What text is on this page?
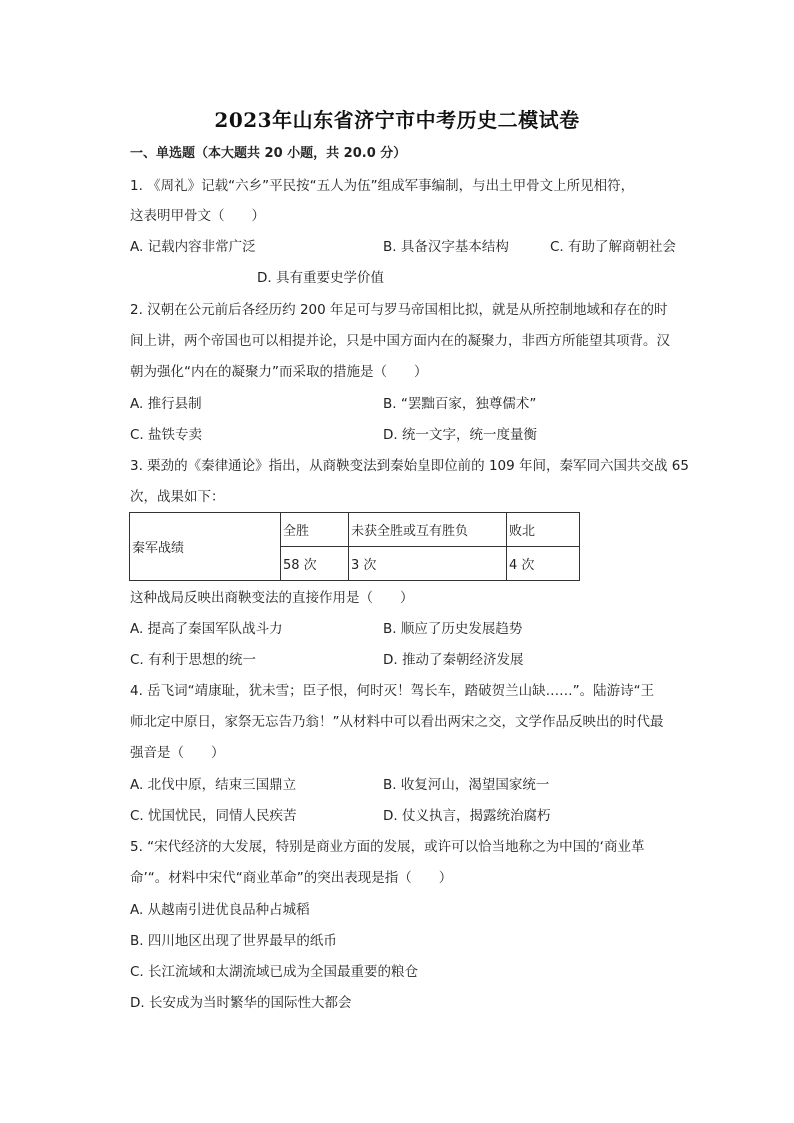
2023年山东省济宁市中考历史二模试卷
一、单选题（本大题共 20 小题，共 20.0 分）
1. 《周礼》记载“六乡”平民按“五人为伍”组成军事编制，与出土甲骨文上所见相符，
这表明甲骨文（　　）
A. 记载内容非常广泛	B. 具备汉字基本结构	C. 有助了解商朝社会
D. 具有重要史学价值
2. 汉朝在公元前后各经历约 200 年足可与罗马帝国相比拟，就是从所控制地域和存在的时
间上讲，两个帝国也可以相提并论，只是中国方面内在的凝聚力，非西方所能望其项背。汉
朝为强化“内在的凝聚力”而采取的措施是（　　）
A. 推行县制	B. “罢黜百家，独尊儒术”
C. 盐铁专卖	D. 统一文字，统一度量衡
3. 栗劲的《秦律通论》指出，从商鞅变法到秦始皇即位前的 109 年间，秦军同六国共交战 65
次，战果如下：
秦军战绩	全胜	未获全胜或互有胜负	败北
	58 次	3 次	4 次
这种战局反映出商鞅变法的直接作用是（　　）
A. 提高了秦国军队战斗力	B. 顺应了历史发展趋势
C. 有利于思想的统一	D. 推动了秦朝经济发展
4. 岳飞词“靖康耻，犹未雪；臣子恨，何时灭！驾长车，踏破贺兰山缺……”。陆游诗“王
师北定中原日，家祭无忘告乃翁！”从材料中可以看出两宋之交，文学作品反映出的时代最
强音是（　　）
A. 北伐中原，结束三国鼎立	B. 收复河山，渴望国家统一
C. 忧国忧民，同情人民疾苦	D. 仗义执言，揭露统治腐朽
5. “宋代经济的大发展，特别是商业方面的发展，或许可以恰当地称之为中国的‘商业革
命’“。材料中宋代“商业革命”的突出表现是指（　　）
A. 从越南引进优良品种占城稻
B. 四川地区出现了世界最早的纸币
C. 长江流域和太湖流域已成为全国最重要的粮仓
D. 长安成为当时繁华的国际性大都会
